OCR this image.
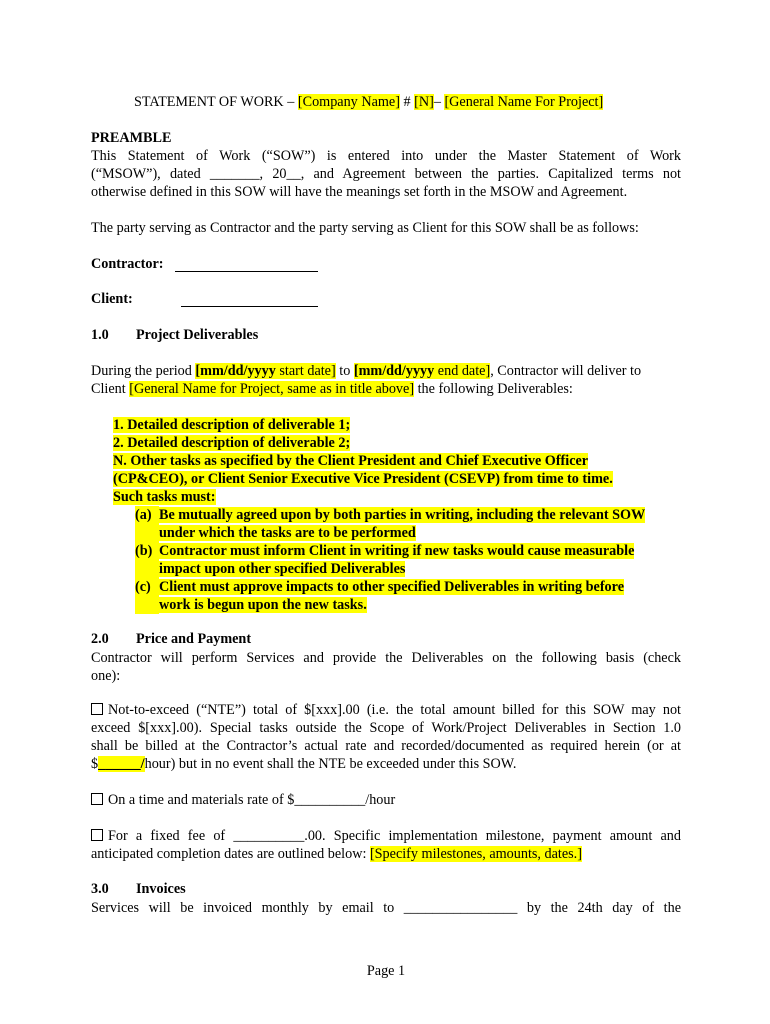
STATEMENT OF WORK – [Company Name] # [N]– [General Name For Project]
PREAMBLE
This Statement of Work (“SOW”) is entered into under the Master Statement of Work
(“MSOW”), dated _______, 20__, and Agreement between the parties. Capitalized terms not
otherwise defined in this SOW will have the meanings set forth in the MSOW and Agreement.
The party serving as Contractor and the party serving as Client for this SOW shall be as follows:
Contractor:
Client:
1.0 Project Deliverables
During the period [mm/dd/yyyy start date] to [mm/dd/yyyy end date], Contractor will deliver to
Client [General Name for Project, same as in title above] the following Deliverables:
1. Detailed description of deliverable 1;
2. Detailed description of deliverable 2;
N. Other tasks as specified by the Client President and Chief Executive Officer
(CP&CEO), or Client Senior Executive Vice President (CSEVP) from time to time.
Such tasks must:
(a) Be mutually agreed upon by both parties in writing, including the relevant SOW
under which the tasks are to be performed
(b) Contractor must inform Client in writing if new tasks would cause measurable
impact upon other specified Deliverables
(c) Client must approve impacts to other specified Deliverables in writing before
work is begun upon the new tasks.
2.0 Price and Payment
Contractor will perform Services and provide the Deliverables on the following basis (check
one):
Not-to-exceed (“NTE”) total of $[xxx].00 (i.e. the total amount billed for this SOW may not
exceed $[xxx].00). Special tasks outside the Scope of Work/Project Deliverables in Section 1.0
shall be billed at the Contractor’s actual rate and recorded/documented as required herein (or at
$______/hour) but in no event shall the NTE be exceeded under this SOW.
On a time and materials rate of $__________/hour
For a fixed fee of __________.00. Specific implementation milestone, payment amount and
anticipated completion dates are outlined below: [Specify milestones, amounts, dates.]
3.0 Invoices
Services will be invoiced monthly by email to ________________ by the 24th day of the
Page 1
